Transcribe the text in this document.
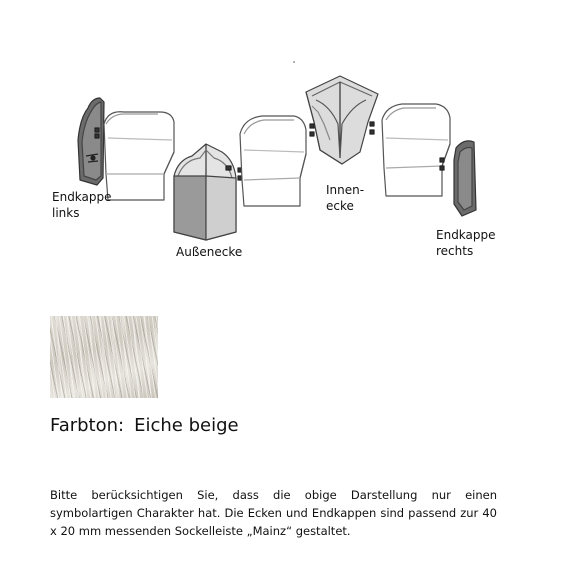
Endkappe
links
Außenecke
Innen-
ecke
Endkappe
rechts
Farbton: Eiche beige

Bitte berücksichtigen Sie, dass die obige Darstellung nur einen symbolartigen Charakter hat. Die Ecken und Endkappen sind passend zur 40 x 20 mm messenden Sockelleiste „Mainz“ gestaltet.
